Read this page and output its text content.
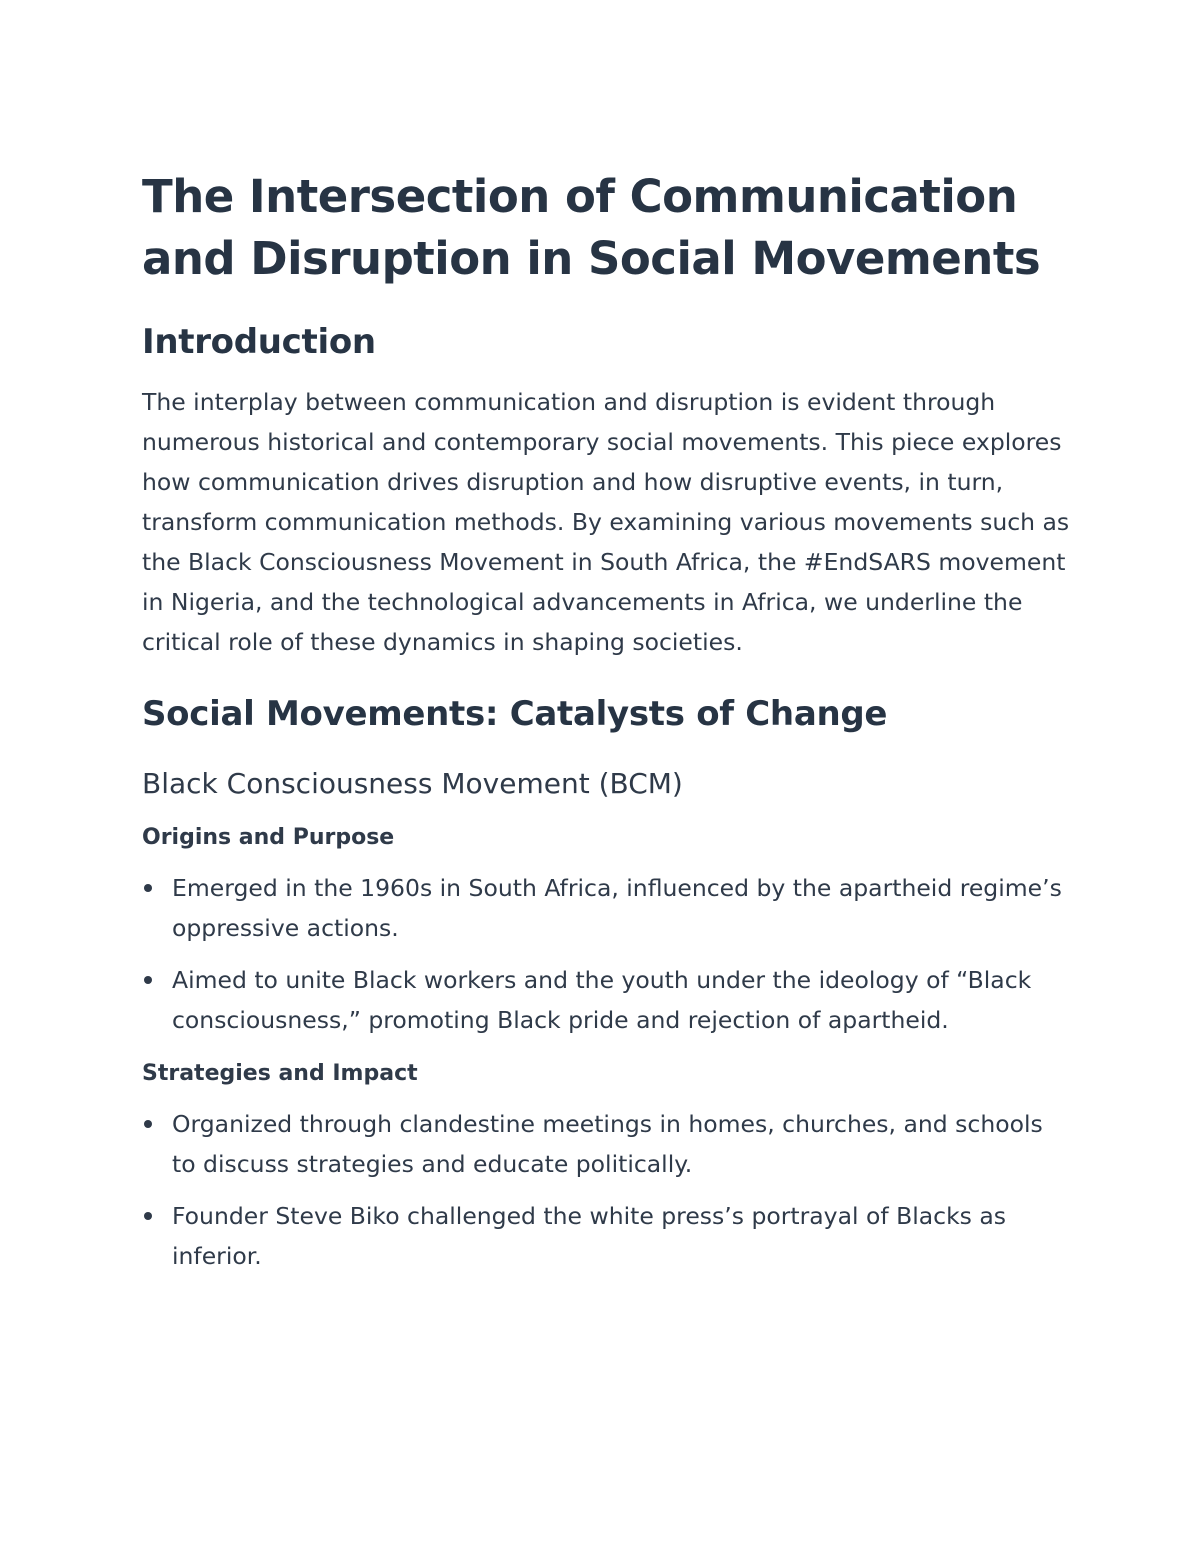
The Intersection of Communication and Disruption in Social Movements
Introduction

The interplay between communication and disruption is evident through numerous historical and contemporary social movements. This piece explores how communication drives disruption and how disruptive events, in turn, transform communication methods. By examining various movements such as the Black Consciousness Movement in South Africa, the #EndSARS movement in Nigeria, and the technological advancements in Africa, we underline the critical role of these dynamics in shaping societies.

Social Movements: Catalysts of Change
Black Consciousness Movement (BCM)
Origins and Purpose
Emerged in the 1960s in South Africa, influenced by the apartheid regime’s oppressive actions.
Aimed to unite Black workers and the youth under the ideology of “Black consciousness,” promoting Black pride and rejection of apartheid.
Strategies and Impact
Organized through clandestine meetings in homes, churches, and schools to discuss strategies and educate politically.
Founder Steve Biko challenged the white press’s portrayal of Blacks as inferior.
